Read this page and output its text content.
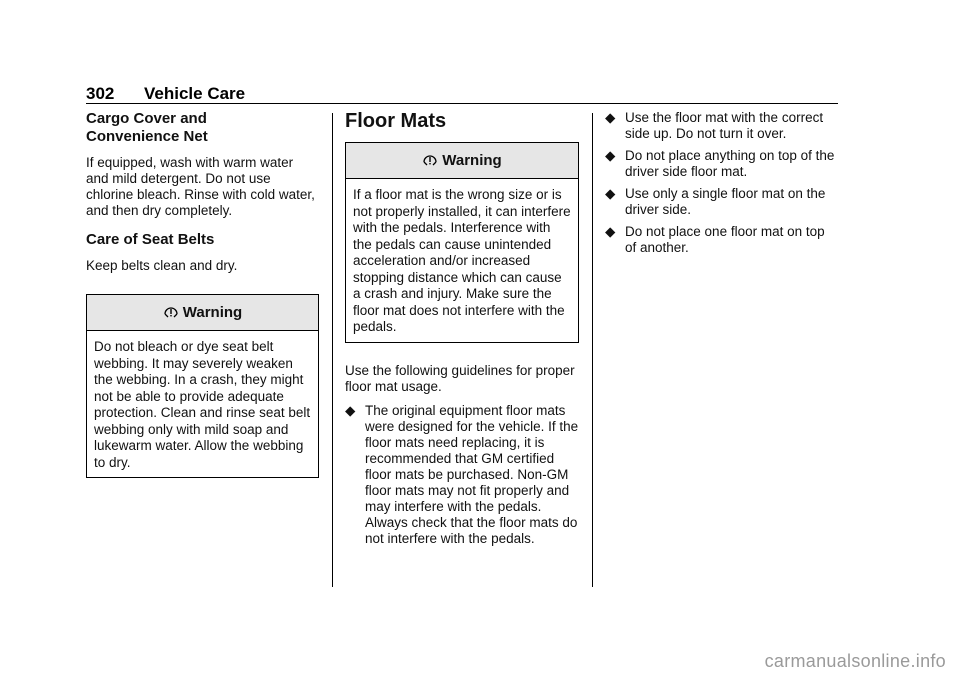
302 Vehicle Care
Cargo Cover and Convenience Net

If equipped, wash with warm water and mild detergent. Do not use chlorine bleach. Rinse with cold water, and then dry completely.

Care of Seat Belts

Keep belts clean and dry.

Warning

Do not bleach or dye seat belt webbing. It may severely weaken the webbing. In a crash, they might not be able to provide adequate protection. Clean and rinse seat belt webbing only with mild soap and lukewarm water. Allow the webbing to dry.

Floor Mats
Warning

If a floor mat is the wrong size or is not properly installed, it can interfere with the pedals. Interference with the pedals can cause unintended acceleration and/or increased stopping distance which can cause a crash and injury. Make sure the floor mat does not interfere with the pedals.

Use the following guidelines for proper floor mat usage.

◆ The original equipment floor mats were designed for the vehicle. If the floor mats need replacing, it is recommended that GM certified floor mats be purchased. Non-GM floor mats may not fit properly and may interfere with the pedals. Always check that the floor mats do not interfere with the pedals.
◆ Use the floor mat with the correct side up. Do not turn it over.
◆ Do not place anything on top of the driver side floor mat.
◆ Use only a single floor mat on the driver side.
◆ Do not place one floor mat on top of another.
carmanualsonline.info
